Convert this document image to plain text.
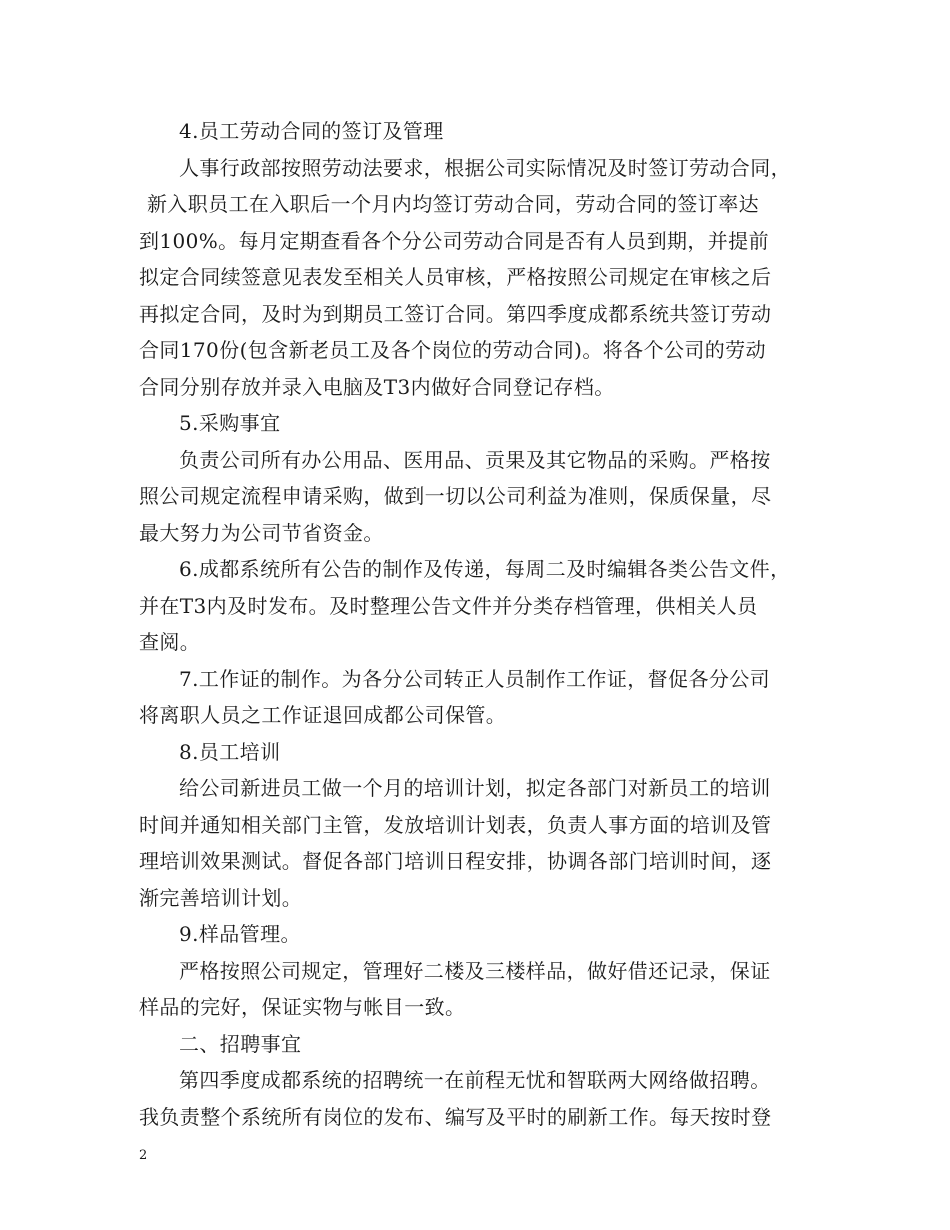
4.员工劳动合同的签订及管理
人事行政部按照劳动法要求，根据公司实际情况及时签订劳动合同，
新入职员工在入职后一个月内均签订劳动合同，劳动合同的签订率达
到100%。每月定期查看各个分公司劳动合同是否有人员到期，并提前
拟定合同续签意见表发至相关人员审核，严格按照公司规定在审核之后
再拟定合同，及时为到期员工签订合同。第四季度成都系统共签订劳动
合同170份(包含新老员工及各个岗位的劳动合同)。将各个公司的劳动
合同分别存放并录入电脑及T3内做好合同登记存档。
5.采购事宜
负责公司所有办公用品、医用品、贡果及其它物品的采购。严格按
照公司规定流程申请采购，做到一切以公司利益为准则，保质保量，尽
最大努力为公司节省资金。
6.成都系统所有公告的制作及传递，每周二及时编辑各类公告文件，
并在T3内及时发布。及时整理公告文件并分类存档管理，供相关人员
查阅。
7.工作证的制作。为各分公司转正人员制作工作证，督促各分公司
将离职人员之工作证退回成都公司保管。
8.员工培训
给公司新进员工做一个月的培训计划，拟定各部门对新员工的培训
时间并通知相关部门主管，发放培训计划表，负责人事方面的培训及管
理培训效果测试。督促各部门培训日程安排，协调各部门培训时间，逐
渐完善培训计划。
9.样品管理。
严格按照公司规定，管理好二楼及三楼样品，做好借还记录，保证
样品的完好，保证实物与帐目一致。
二、招聘事宜
第四季度成都系统的招聘统一在前程无忧和智联两大网络做招聘。
我负责整个系统所有岗位的发布、编写及平时的刷新工作。每天按时登
2
